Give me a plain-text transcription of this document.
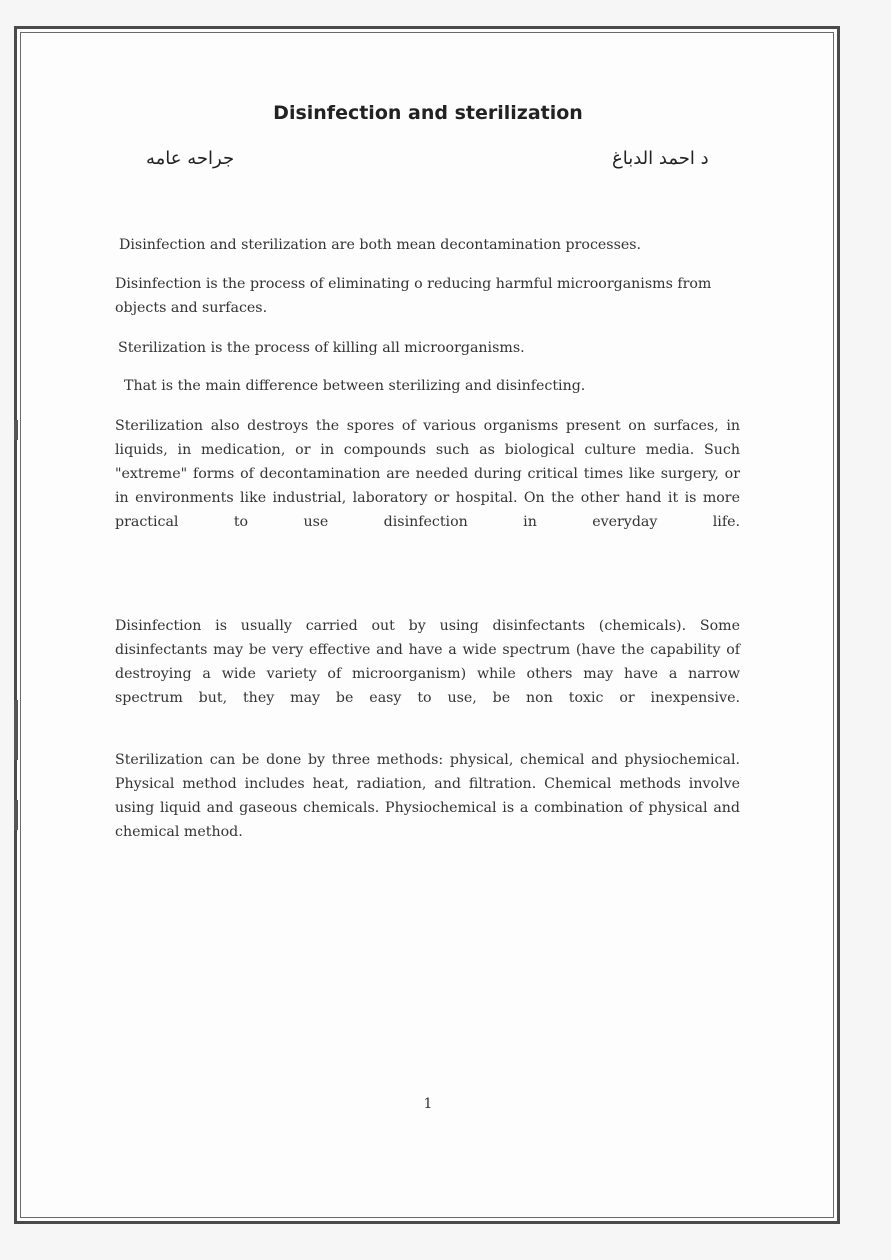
Disinfection and sterilization
جراحه عامه	د احمد الدباغ
Disinfection and sterilization are both mean decontamination processes.
Disinfection is the process of eliminating o reducing harmful microorganisms from objects and surfaces.
Sterilization is the process of killing all microorganisms.
That is the main difference between sterilizing and disinfecting.
Sterilization also destroys the spores of various organisms present on surfaces, in liquids, in medication, or in compounds such as biological culture media. Such "extreme" forms of decontamination are needed during critical times like surgery, or in environments like industrial, laboratory or hospital. On the other hand it is more practical to use disinfection in everyday life.
Disinfection is usually carried out by using disinfectants (chemicals). Some disinfectants may be very effective and have a wide spectrum (have the capability of destroying a wide variety of microorganism) while others may have a narrow spectrum but, they may be easy to use, be non toxic or inexpensive.
Sterilization can be done by three methods: physical, chemical and physiochemical. Physical method includes heat, radiation, and filtration. Chemical methods involve using liquid and gaseous chemicals. Physiochemical is a combination of physical and chemical method.
1
